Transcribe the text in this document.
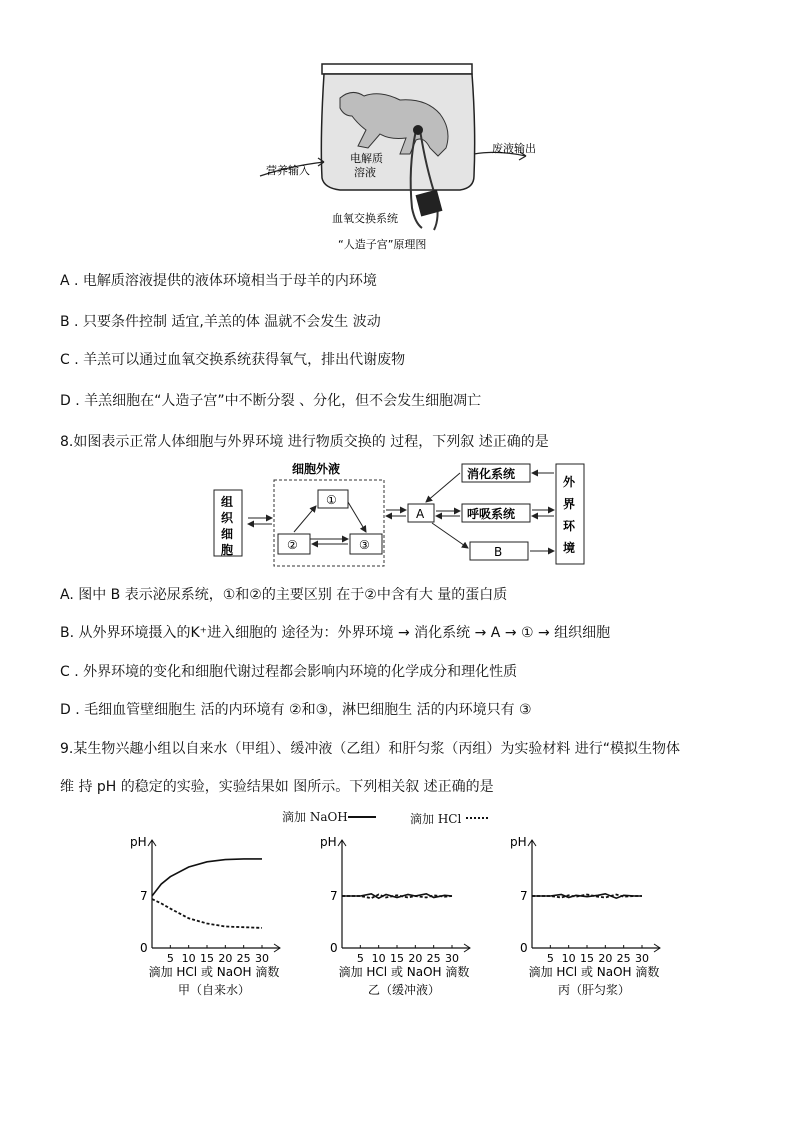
电解质
溶液
营养输入
废液输出
血氧交换系统
“人造子宫”原理图
A . 电解质溶液提供的液体环境相当于母羊的内环境
B . 只要条件控制 适宜,羊羔的体 温就不会发生 波动
C . 羊羔可以通过血氧交换系统获得氧气，排出代谢废物
D . 羊羔细胞在“人造子宫”中不断分裂 、分化，但不会发生细胞凋亡
8.如图表示正常人体细胞与外界环境 进行物质交换的 过程，下列叙 述正确的是
细胞外液
组
织
细
胞
①
②	③
A
消化系统
呼吸系统
B
外
界
环
境
A. 图中 B 表示泌尿系统，①和②的主要区别 在于②中含有大 量的蛋白质
B. 从外界环境摄入的K⁺进入细胞的 途径为：外界环境 → 消化系统 → A → ① → 组织细胞
C . 外界环境的变化和细胞代谢过程都会影响内环境的化学成分和理化性质
D . 毛细血管壁细胞生 活的内环境有 ②和③，淋巴细胞生 活的内环境只有 ③
9.某生物兴趣小组以自来水（甲组）、缓冲液（乙组）和肝匀浆（丙组）为实验材料 进行“模拟生物体
维 持 pH 的稳定的实验，实验结果如 图所示。下列相关叙 述正确的是
滴加 NaOH	滴加 HCl
pH
0
7
5 10 15 20 25 30
滴加 HCl 或 NaOH 滴数
甲（自来水）
pH
0
7
5 10 15 20 25 30
滴加 HCl 或 NaOH 滴数
乙（缓冲液）
pH
0
7
5 10 15 20 25 30
滴加 HCl 或 NaOH 滴数
丙（肝匀浆）
